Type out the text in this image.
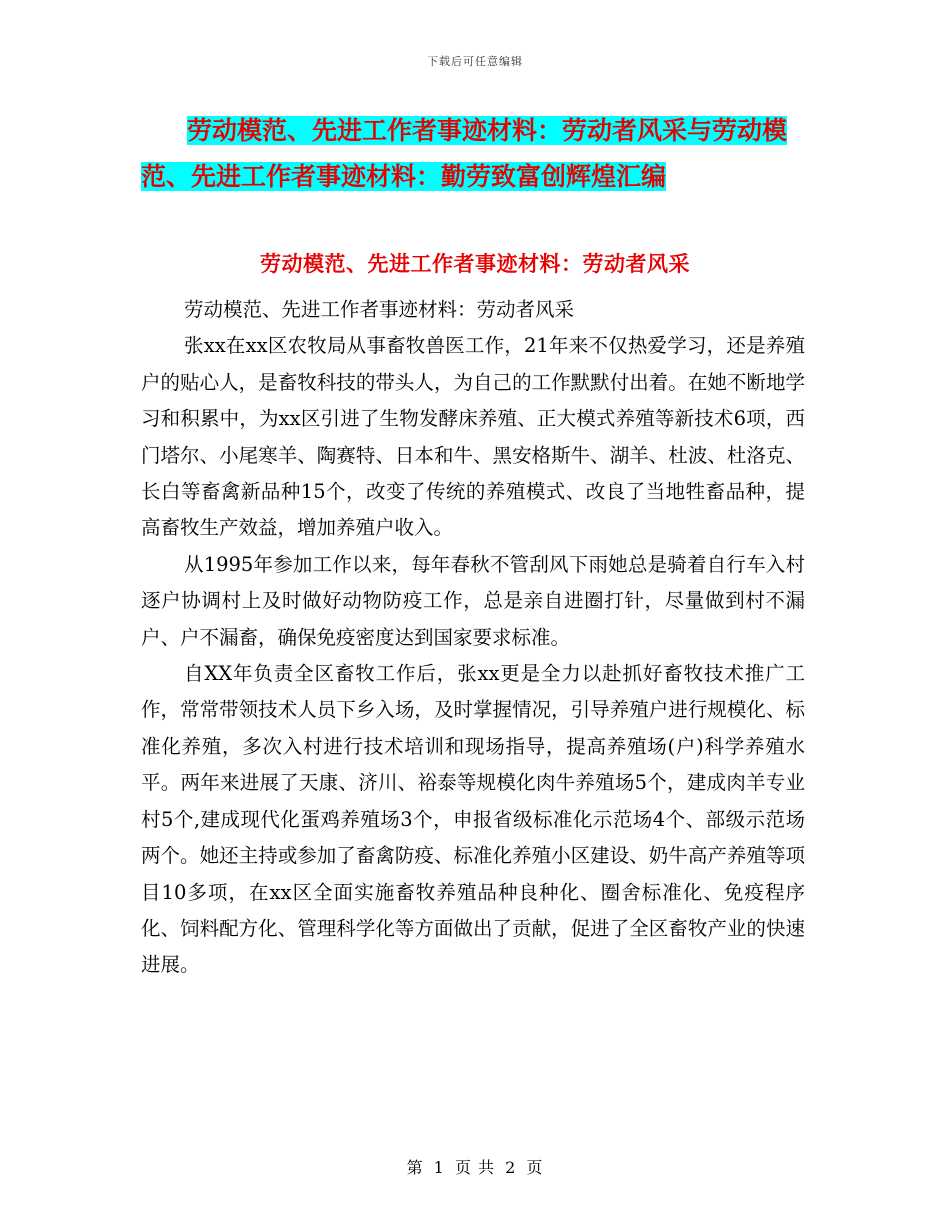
下载后可任意编辑
劳动模范、先进工作者事迹材料：劳动者风采与劳动模范、先进工作者事迹材料：勤劳致富创辉煌汇编
劳动模范、先进工作者事迹材料：劳动者风采

劳动模范、先进工作者事迹材料：劳动者风采

张xx在xx区农牧局从事畜牧兽医工作，21年来不仅热爱学习，还是养殖户的贴心人，是畜牧科技的带头人，为自己的工作默默付出着。在她不断地学习和积累中，为xx区引进了生物发酵床养殖、正大模式养殖等新技术6项，西门塔尔、小尾寒羊、陶赛特、日本和牛、黑安格斯牛、湖羊、杜波、杜洛克、长白等畜禽新品种15个，改变了传统的养殖模式、改良了当地牲畜品种，提高畜牧生产效益，增加养殖户收入。

从1995年参加工作以来，每年春秋不管刮风下雨她总是骑着自行车入村逐户协调村上及时做好动物防疫工作，总是亲自进圈打针，尽量做到村不漏户、户不漏畜，确保免疫密度达到国家要求标准。

自XX年负责全区畜牧工作后，张xx更是全力以赴抓好畜牧技术推广工作，常常带领技术人员下乡入场，及时掌握情况，引导养殖户进行规模化、标准化养殖，多次入村进行技术培训和现场指导，提高养殖场(户)科学养殖水平。两年来进展了天康、济川、裕泰等规模化肉牛养殖场5个，建成肉羊专业村5个,建成现代化蛋鸡养殖场3个，申报省级标准化示范场4个、部级示范场两个。她还主持或参加了畜禽防疫、标准化养殖小区建设、奶牛高产养殖等项目10多项，在xx区全面实施畜牧养殖品种良种化、圈舍标准化、免疫程序化、饲料配方化、管理科学化等方面做出了贡献，促进了全区畜牧产业的快速进展。

第 1 页 共 2 页
